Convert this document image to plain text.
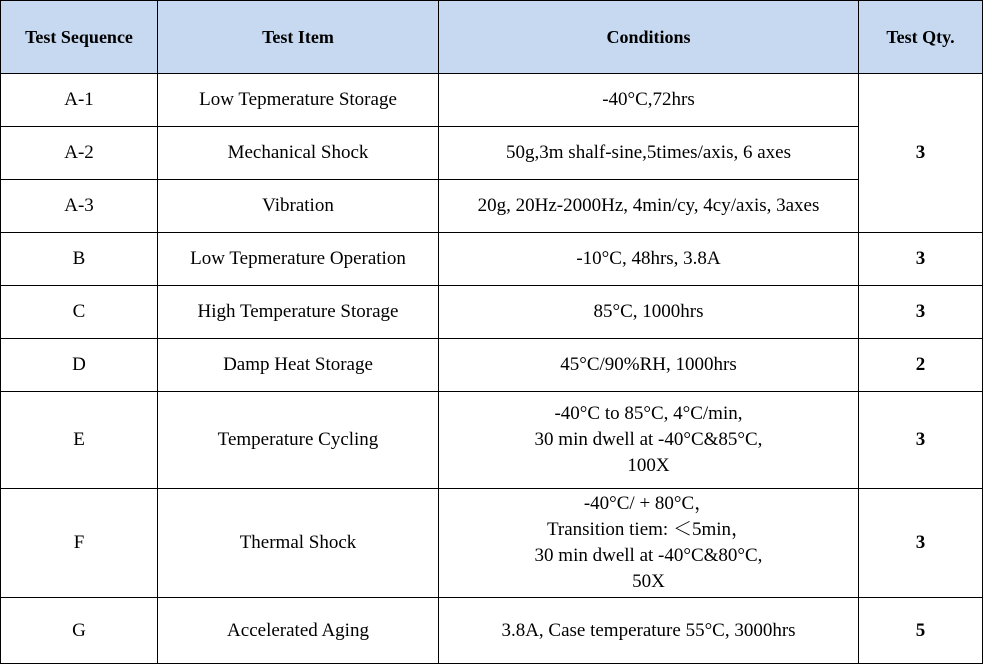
Test Sequence	Test Item	Conditions	Test Qty.
A-1	Low Tepmerature Storage	-40°C,72hrs	3
A-2	Mechanical Shock	50g,3m shalf-sine,5times/axis, 6 axes	
A-3	Vibration	20g, 20Hz-2000Hz, 4min/cy, 4cy/axis, 3axes	
B	Low Tepmerature Operation	-10°C, 48hrs, 3.8A	3
C	High Temperature Storage	85°C, 1000hrs	3
D	Damp Heat Storage	45°C/90%RH, 1000hrs	2
E	Temperature Cycling	-40°C to 85°C, 4°C/min,
30 min dwell at -40°C&85°C,
100X	3
F	Thermal Shock	-40°C/ + 80°C，
Transition tiem: ＜5min，
30 min dwell at -40°C&80°C,
50X	3
G	Accelerated Aging	3.8A, Case temperature 55°C, 3000hrs	5
